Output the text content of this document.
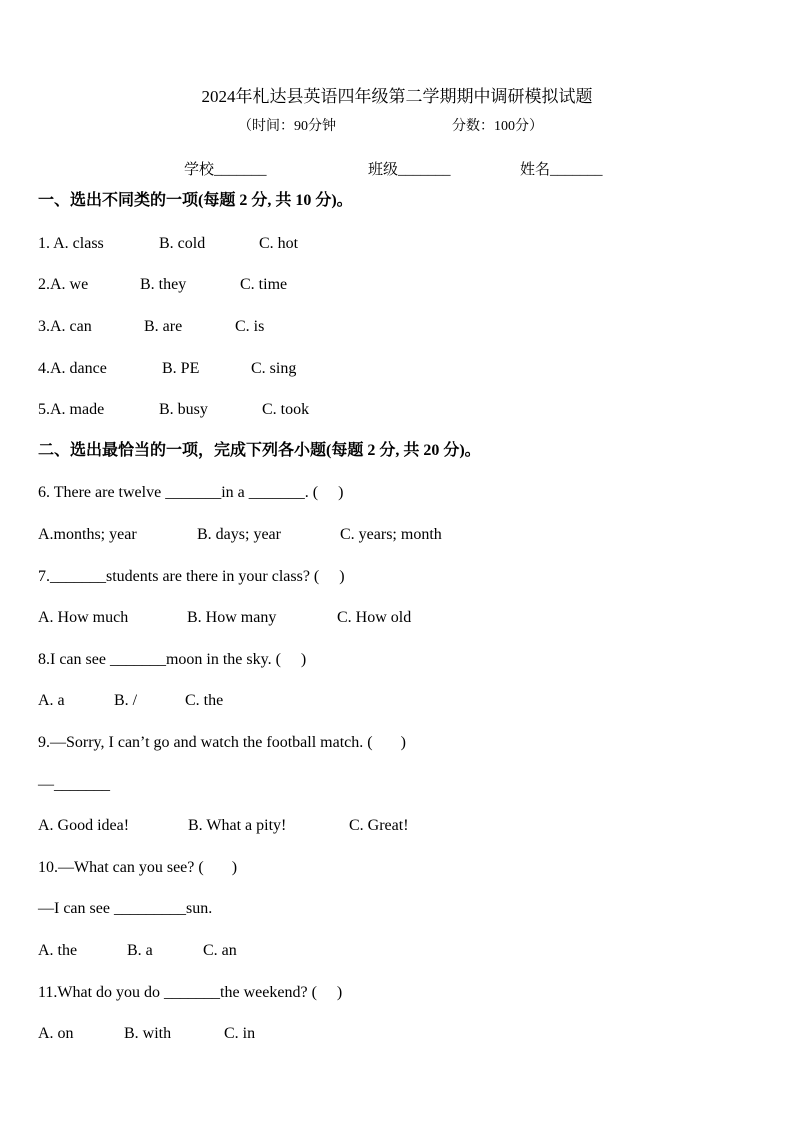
2024年札达县英语四年级第二学期期中调研模拟试题
（时间：90分钟	分数：100分）
学校_______	班级_______	姓名_______
一、选出不同类的一项(每题 2 分, 共 10 分)。
1. A. class	B. cold	C. hot
2.A. we	B. they	C. time
3.A. can	B. are	C. is
4.A. dance	B. PE	C. sing
5.A. made	B. busy	C. took
二、选出最恰当的一项，完成下列各小题(每题 2 分, 共 20 分)。
6. There are twelve _______in a _______. (     )
A.months; year	B. days; year	C. years; month
7._______students are there in your class? (     )
A. How much	B. How many	C. How old
8.I can see _______moon in the sky. (     )
A. a	B. /	C. the
9.—Sorry, I can’t go and watch the football match. (       )
—_______
A. Good idea!	B. What a pity!	C. Great!
10.—What can you see? (       )
—I can see _________sun.
A. the	B. a	C. an
11.What do you do _______the weekend? (     )
A. on	B. with	C. in
